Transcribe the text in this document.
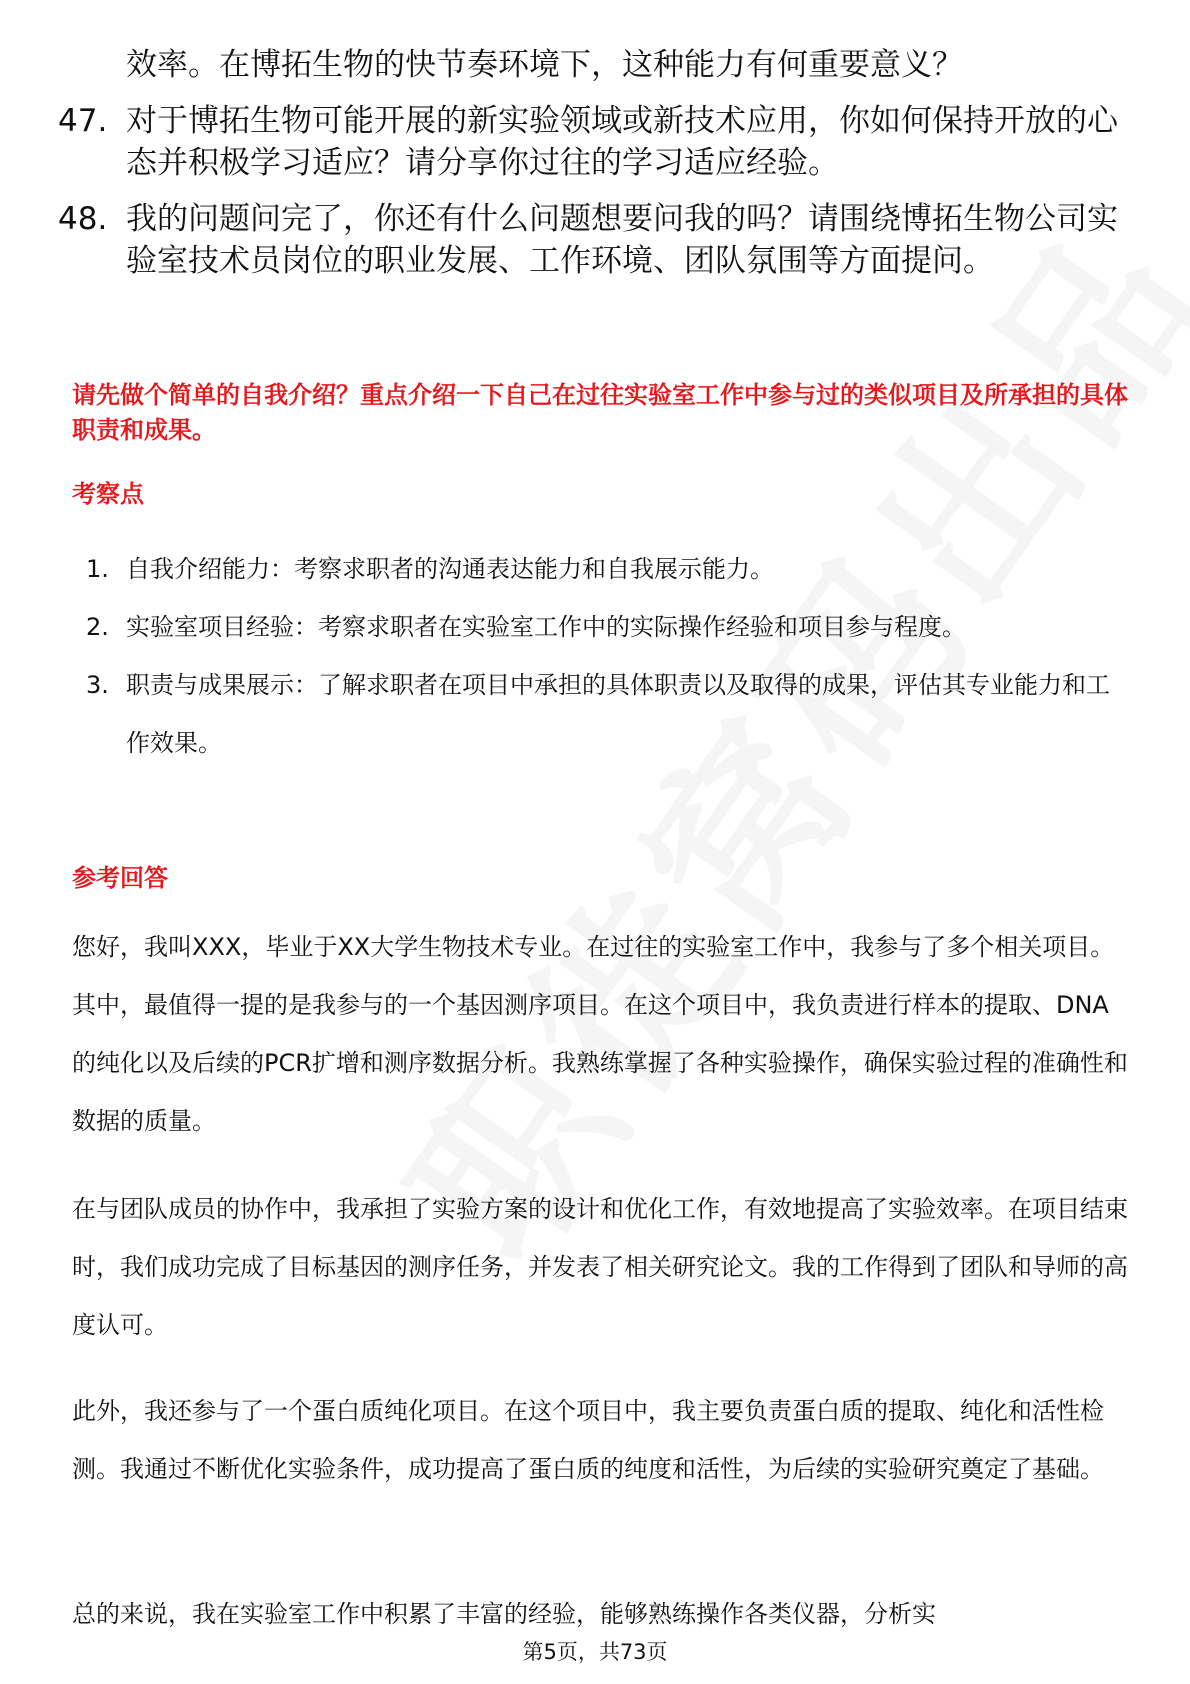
效率。在博拓生物的快节奏环境下，这种能力有何重要意义？
47. 对于博拓生物可能开展的新实验领域或新技术应用，你如何保持开放的心态并积极学习适应？请分享你过往的学习适应经验。
48. 我的问题问完了，你还有什么问题想要问我的吗？请围绕博拓生物公司实验室技术员岗位的职业发展、工作环境、团队氛围等方面提问。
请先做个简单的自我介绍？重点介绍一下自己在过往实验室工作中参与过的类似项目及所承担的具体职责和成果。
考察点
1. 自我介绍能力：考察求职者的沟通表达能力和自我展示能力。
2. 实验室项目经验：考察求职者在实验室工作中的实际操作经验和项目参与程度。
3. 职责与成果展示：了解求职者在项目中承担的具体职责以及取得的成果，评估其专业能力和工作效果。
参考回答

您好，我叫XXX，毕业于XX大学生物技术专业。在过往的实验室工作中，我参与了多个相关项目。其中，最值得一提的是我参与的一个基因测序项目。在这个项目中，我负责进行样本的提取、DNA的纯化以及后续的PCR扩增和测序数据分析。我熟练掌握了各种实验操作，确保实验过程的准确性和数据的质量。

在与团队成员的协作中，我承担了实验方案的设计和优化工作，有效地提高了实验效率。在项目结束时，我们成功完成了目标基因的测序任务，并发表了相关研究论文。我的工作得到了团队和导师的高度认可。

此外，我还参与了一个蛋白质纯化项目。在这个项目中，我主要负责蛋白质的提取、纯化和活性检测。我通过不断优化实验条件，成功提高了蛋白质的纯度和活性，为后续的实验研究奠定了基础。

总的来说，我在实验室工作中积累了丰富的经验，能够熟练操作各类仪器，分析实

第5页，共73页
